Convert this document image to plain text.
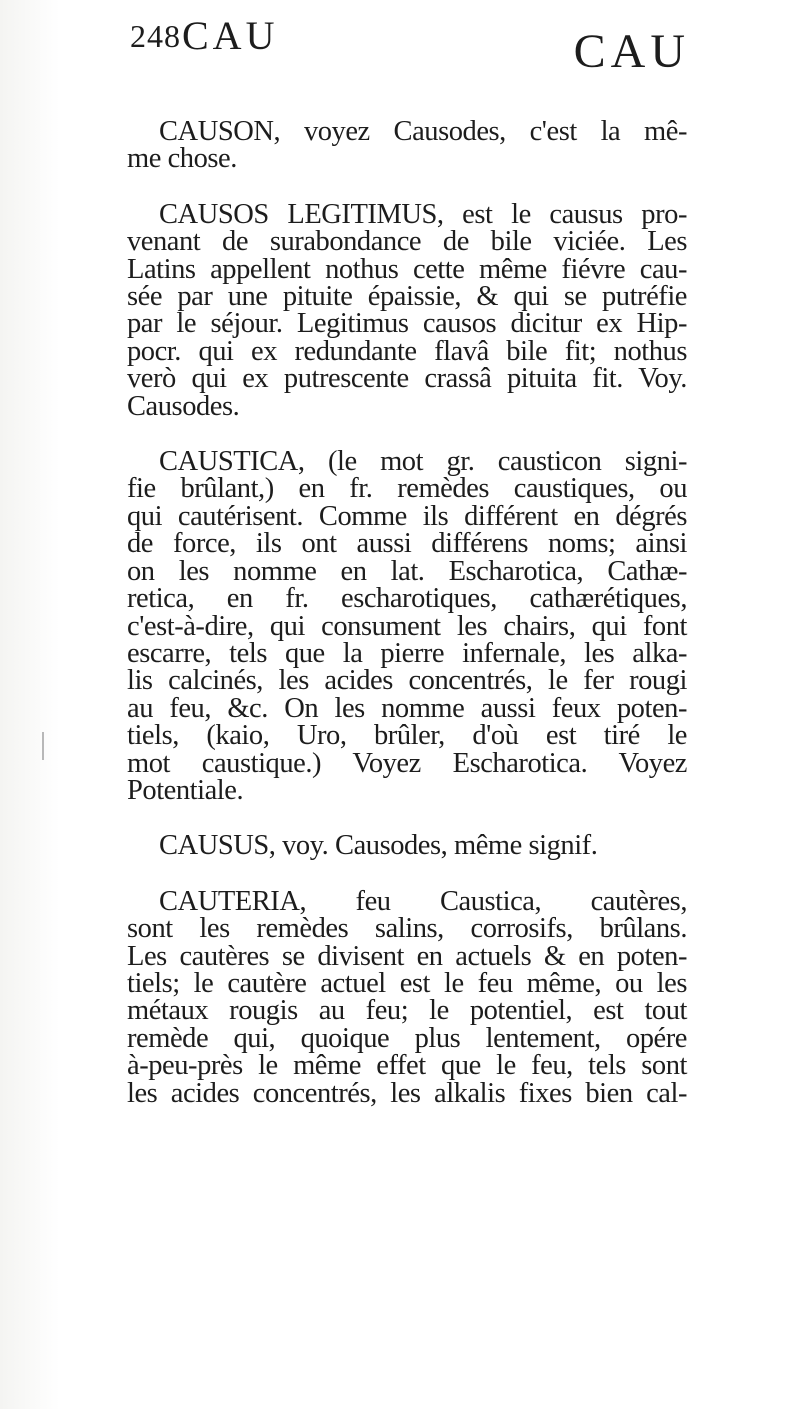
248 CAU	CAU
CAUSON, voyez Causodes, c'est la mê-
me chose.
CAUSOS LEGITIMUS, est le causus pro-
venant de surabondance de bile viciée. Les
Latins appellent nothus cette même fiévre cau-
sée par une pituite épaissie, & qui se putréfie
par le séjour. Legitimus causos dicitur ex Hip-
pocr. qui ex redundante flavâ bile fit; nothus
verò qui ex putrescente crassâ pituita fit. Voy.
Causodes.
CAUSTICA, (le mot gr. causticon signi-
fie brûlant,) en fr. remèdes caustiques, ou
qui cautérisent. Comme ils différent en dégrés
de force, ils ont aussi différens noms; ainsi
on les nomme en lat. Escharotica, Cathæ-
retica, en fr. escharotiques, cathærétiques,
c'est-à-dire, qui consument les chairs, qui font
escarre, tels que la pierre infernale, les alka-
lis calcinés, les acides concentrés, le fer rougi
au feu, &c. On les nomme aussi feux poten-
tiels, (kaio, Uro, brûler, d'où est tiré le
mot caustique.) Voyez Escharotica. Voyez
Potentiale.
CAUSUS, voy. Causodes, même signif.
CAUTERIA, feu Caustica, cautères,
sont les remèdes salins, corrosifs, brûlans.
Les cautères se divisent en actuels & en poten-
tiels; le cautère actuel est le feu même, ou les
métaux rougis au feu; le potentiel, est tout
remède qui, quoique plus lentement, opére
à-peu-près le même effet que le feu, tels sont
les acides concentrés, les alkalis fixes bien cal-
